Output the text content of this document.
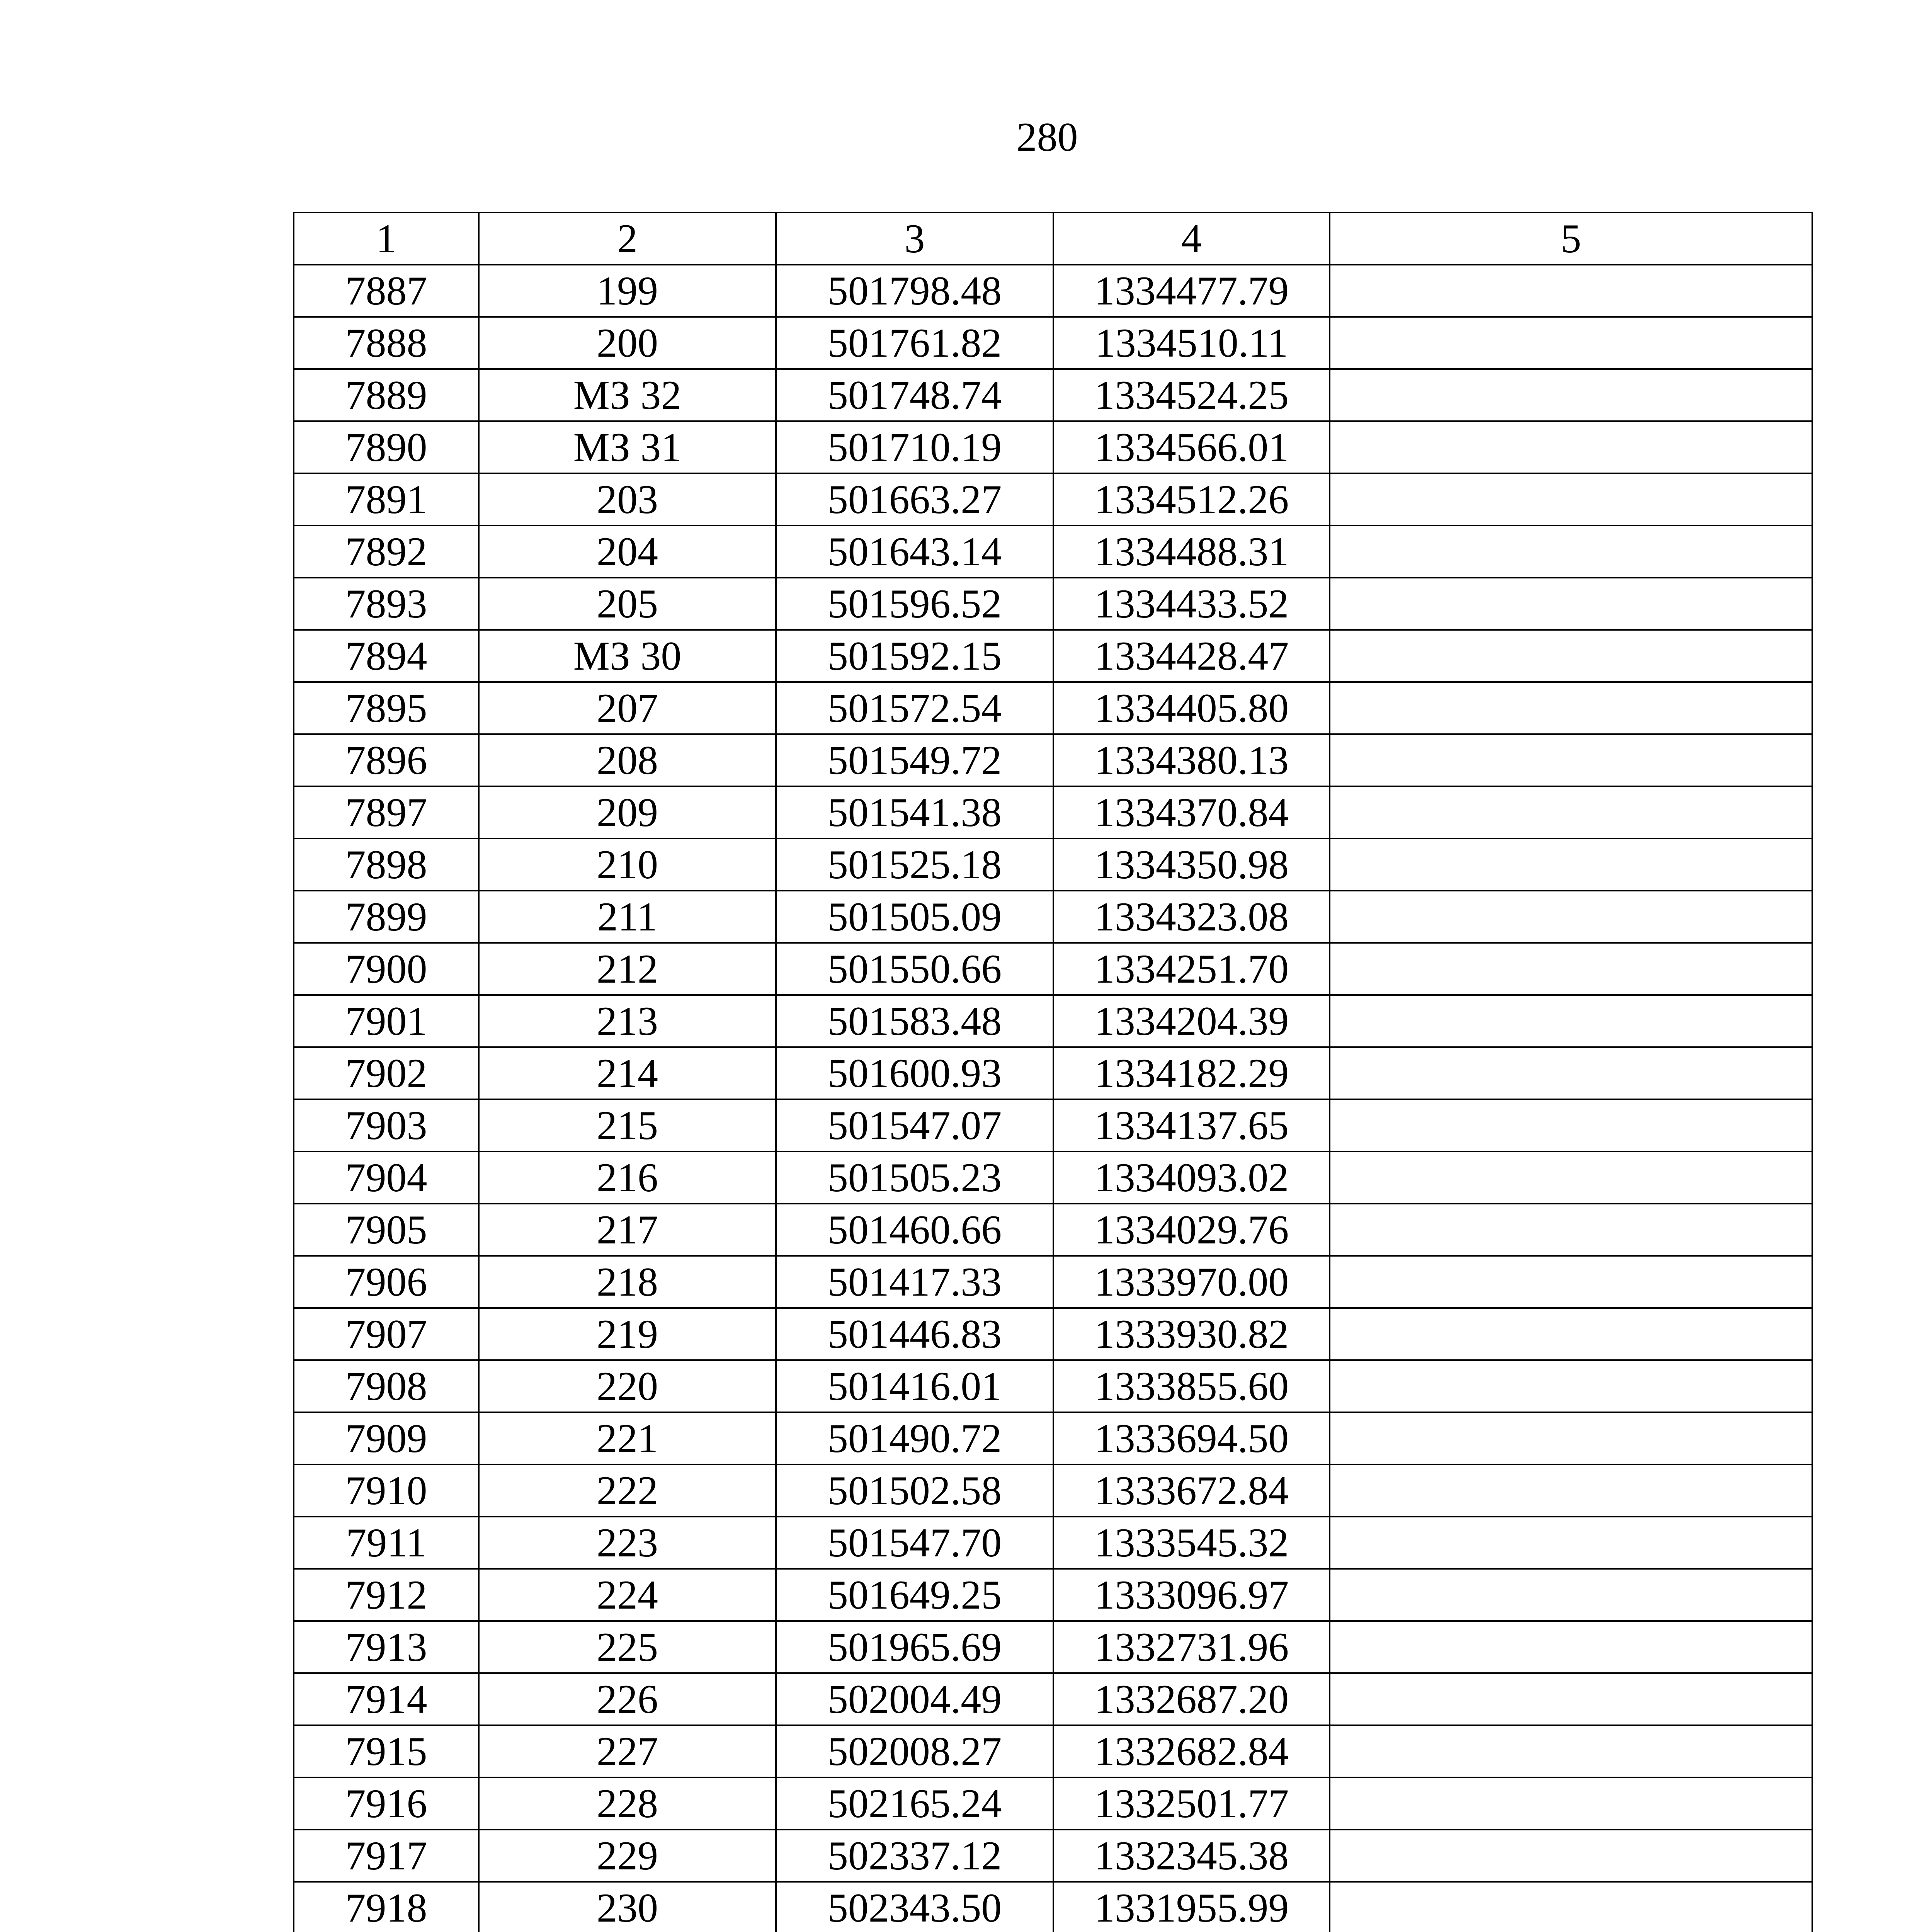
280
1	2	3	4	5
7887	199	501798.48	1334477.79	
7888	200	501761.82	1334510.11	
7889	МЗ 32	501748.74	1334524.25	
7890	МЗ 31	501710.19	1334566.01	
7891	203	501663.27	1334512.26	
7892	204	501643.14	1334488.31	
7893	205	501596.52	1334433.52	
7894	МЗ 30	501592.15	1334428.47	
7895	207	501572.54	1334405.80	
7896	208	501549.72	1334380.13	
7897	209	501541.38	1334370.84	
7898	210	501525.18	1334350.98	
7899	211	501505.09	1334323.08	
7900	212	501550.66	1334251.70	
7901	213	501583.48	1334204.39	
7902	214	501600.93	1334182.29	
7903	215	501547.07	1334137.65	
7904	216	501505.23	1334093.02	
7905	217	501460.66	1334029.76	
7906	218	501417.33	1333970.00	
7907	219	501446.83	1333930.82	
7908	220	501416.01	1333855.60	
7909	221	501490.72	1333694.50	
7910	222	501502.58	1333672.84	
7911	223	501547.70	1333545.32	
7912	224	501649.25	1333096.97	
7913	225	501965.69	1332731.96	
7914	226	502004.49	1332687.20	
7915	227	502008.27	1332682.84	
7916	228	502165.24	1332501.77	
7917	229	502337.12	1332345.38	
7918	230	502343.50	1331955.99	
